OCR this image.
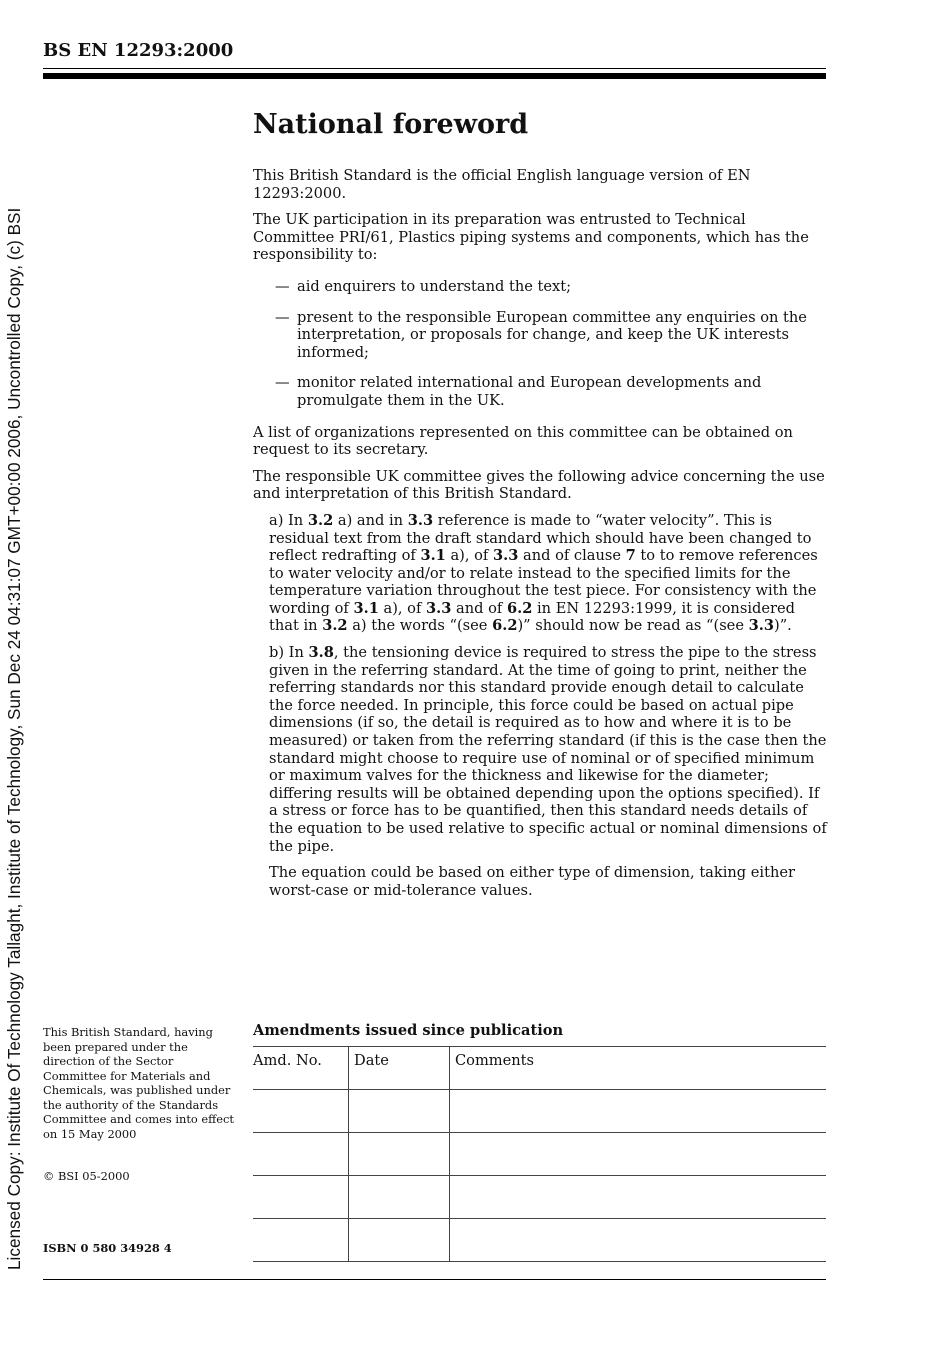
Licensed Copy: Institute Of Technology Tallaght, Institute of Technology, Sun Dec 24 04:31:07 GMT+00:00 2006, Uncontrolled Copy, (c) BSI
BS EN 12293:2000
National foreword

This British Standard is the official English language version of EN 12293:2000.

The UK participation in its preparation was entrusted to Technical Committee PRI/61, Plastics piping systems and components, which has the responsibility to:

— aid enquirers to understand the text;
— present to the responsible European committee any enquiries on the interpretation, or proposals for change, and keep the UK interests informed;
— monitor related international and European developments and promulgate them in the UK.

A list of organizations represented on this committee can be obtained on request to its secretary.

The responsible UK committee gives the following advice concerning the use and interpretation of this British Standard.

a) In 3.2 a) and in 3.3 reference is made to “water velocity”. This is residual text from the draft standard which should have been changed to reflect redrafting of 3.1 a), of 3.3 and of clause 7 to to remove references to water velocity and/or to relate instead to the specified limits for the temperature variation throughout the test piece. For consistency with the wording of 3.1 a), of 3.3 and of 6.2 in EN 12293:1999, it is considered that in 3.2 a) the words “(see 6.2)” should now be read as “(see 3.3)”.

b) In 3.8, the tensioning device is required to stress the pipe to the stress given in the referring standard. At the time of going to print, neither the referring standards nor this standard provide enough detail to calculate the force needed. In principle, this force could be based on actual pipe dimensions (if so, the detail is required as to how and where it is to be measured) or taken from the referring standard (if this is the case then the standard might choose to require use of nominal or of specified minimum or maximum valves for the thickness and likewise for the diameter; differing results will be obtained depending upon the options specified). If a stress or force has to be quantified, then this standard needs details of the equation to be used relative to specific actual or nominal dimensions of the pipe.

The equation could be based on either type of dimension, taking either worst-case or mid-tolerance values.

This British Standard, having been prepared under the direction of the Sector Committee for Materials and Chemicals, was published under the authority of the Standards Committee and comes into effect on 15 May 2000

© BSI 05-2000
ISBN 0 580 34928 4
Amendments issued since publication
Amd. No.	Date	Comments
